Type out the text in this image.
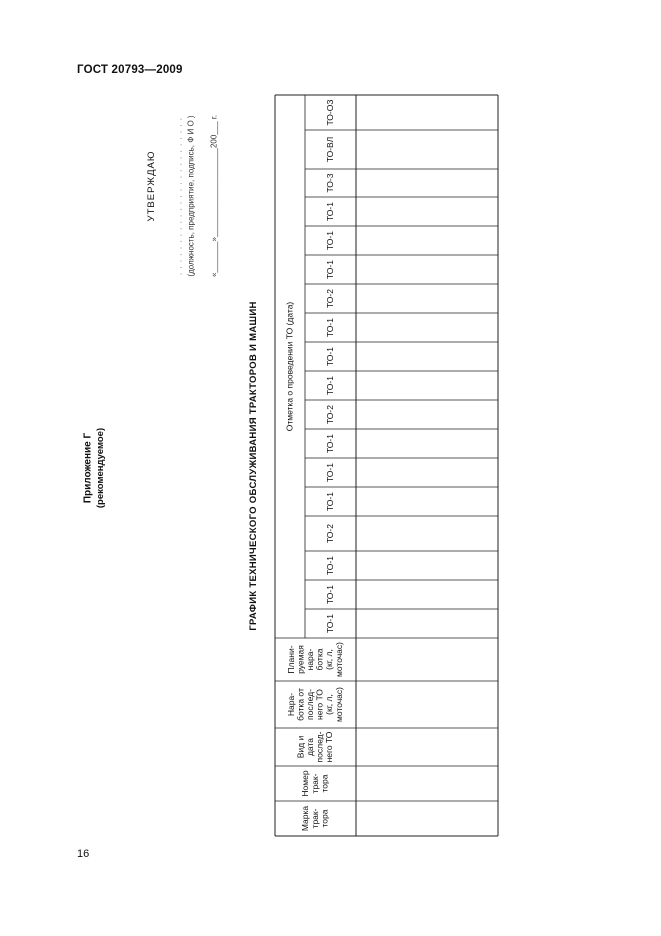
ГОСТ 20793—2009
Приложение Г (рекомендуемое)
УТВЕРЖДАЮ . . . . . . . . . . . . . . . . . . . . . . . . . (должность, предприятие, подпись, Ф И О ) «_______»____________________200___ г.
ГРАФИК ТЕХНИЧЕСКОГО ОБСЛУЖИВАНИЯ ТРАКТОРОВ И МАШИН
Марка трак- тора
Номер трак- тора
Вид и дата послед- него ТО
Нара- ботка от послед- него ТО (кг, л, моточас)
Плани- руемая нара- ботка (кг, л, моточас)
Отметка о проведении ТО (дата)
ТО-1
ТО-1
ТО-1
ТО-2
ТО-1
ТО-1
ТО-1
ТО-2
ТО-1
ТО-1
ТО-1
ТО-2
ТО-1
ТО-1
ТО-1
ТО-3
ТО-ВЛ
ТО-ОЗ
16
